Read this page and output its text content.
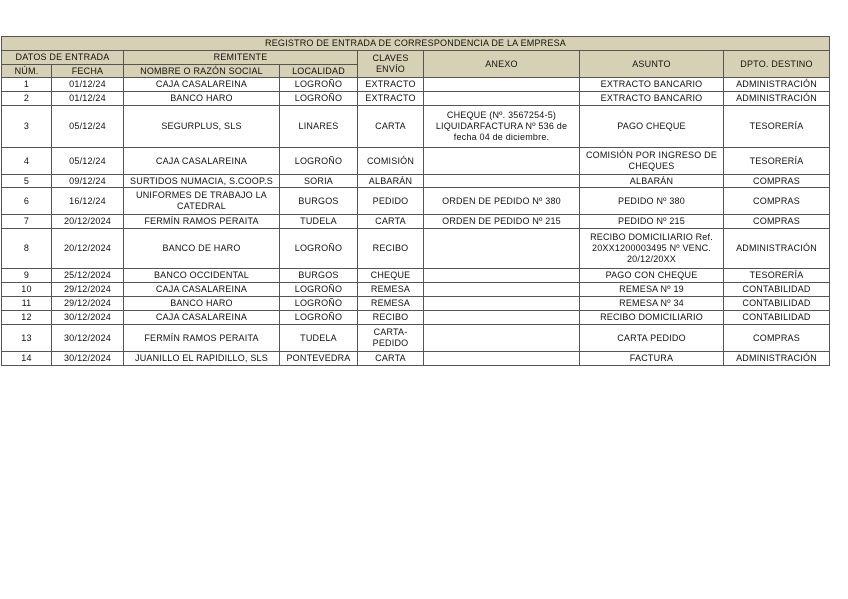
REGISTRO DE ENTRADA DE CORRESPONDENCIA DE LA EMPRESA							
DATOS DE ENTRADA		REMITENTE		CLAVES ENVÍO	ANEXO	ASUNTO	DPTO. DESTINO
NÚM.	FECHA	NOMBRE O RAZÓN SOCIAL	LOCALIDAD				
1	01/12/24	CAJA CASALAREINA	LOGROÑO	EXTRACTO		EXTRACTO BANCARIO	ADMINISTRACIÓN
2	01/12/24	BANCO HARO	LOGROÑO	EXTRACTO		EXTRACTO BANCARIO	ADMINISTRACIÓN
3	05/12/24	SEGURPLUS, SLS	LINARES	CARTA	CHEQUE (Nº. 3567254-5) LIQUIDARFACTURA Nº 536 de fecha 04 de diciembre.	PAGO CHEQUE	TESORERÍA
4	05/12/24	CAJA CASALAREINA	LOGROÑO	COMISIÓN		COMISIÓN POR INGRESO DE CHEQUES	TESORERÍA
5	09/12/24	SURTIDOS NUMACIA, S.COOP.S	SORIA	ALBARÁN		ALBARÁN	COMPRAS
6	16/12/24	UNIFORMES DE TRABAJO LA CATEDRAL	BURGOS	PEDIDO	ORDEN DE PEDIDO Nº 380	PEDIDO Nº 380	COMPRAS
7	20/12/2024	FERMÍN RAMOS PERAITA	TUDELA	CARTA	ORDEN DE PEDIDO Nº 215	PEDIDO Nº 215	COMPRAS
8	20/12/2024	BANCO DE HARO	LOGROÑO	RECIBO		RECIBO DOMICILIARIO Ref. 20XX1200003495 Nº VENC. 20/12/20XX	ADMINISTRACIÓN
9	25/12/2024	BANCO OCCIDENTAL	BURGOS	CHEQUE		PAGO CON CHEQUE	TESORERÍA
10	29/12/2024	CAJA CASALAREINA	LOGROÑO	REMESA		REMESA Nº 19	CONTABILIDAD
11	29/12/2024	BANCO HARO	LOGROÑO	REMESA		REMESA Nº 34	CONTABILIDAD
12	30/12/2024	CAJA CASALAREINA	LOGROÑO	RECIBO		RECIBO DOMICILIARIO	CONTABILIDAD
13	30/12/2024	FERMÍN RAMOS PERAITA	TUDELA	CARTA-PEDIDO		CARTA PEDIDO	COMPRAS
14	30/12/2024	JUANILLO EL RAPIDILLO, SLS	PONTEVEDRA	CARTA		FACTURA	ADMINISTRACIÓN
